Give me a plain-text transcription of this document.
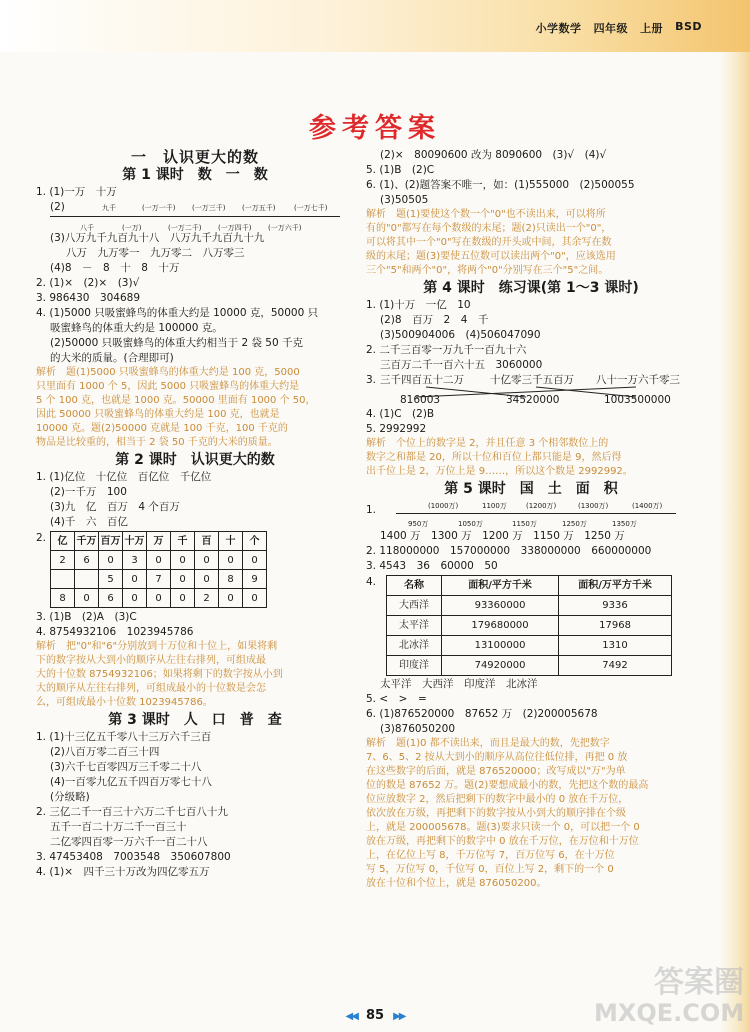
小学数学 四年级 上册 BSD
参考答案
一　认识更大的数
第 1 课时　数　一　数
1. (1)一万　十万
(2)	九千	(一万一千) (一万三千) (一万五千)	(一万七千)
八千	(一万)	(一万二千) (一万四千) (一万六千)
(3)八万九千九百九十八　八万九千九百九十九
八万　九万零一　九万零二　八万零三
(4)8　－　8　十　8　十万
2. (1)×　(2)×　(3)√
3. 986430　304689
4. (1)5000 只吸蜜蜂鸟的体重大约是 10000 克，50000 只
吸蜜蜂鸟的体重大约是 100000 克。
(2)50000 只吸蜜蜂鸟的体重大约相当于 2 袋 50 千克
的大米的质量。(合理即可)
解析　题(1)5000 只吸蜜蜂鸟的体重大约是 100 克，5000
只里面有 1000 个 5，因此 5000 只吸蜜蜂鸟的体重大约是
5 个 100 克，也就是 1000 克。50000 里面有 1000 个 50，
因此 50000 只吸蜜蜂鸟的体重大约是 100 克，也就是
10000 克。题(2)50000 克就是 100 千克，100 千克的
物品是比较重的，相当于 2 袋 50 千克的大米的质量。
第 2 课时　认识更大的数
1. (1)亿位　十亿位　百亿位　千亿位
(2)一千万　100
(3)九　亿　百万　4 个百万
(4)千　六　百亿
2. 亿	千万	百万	十万	万	千	百	十	个
2	6	0	3	0	0	0	0	0
		5	0	7	0	0	8	9
8	0	6	0	0	0	2	0	0
3. (1)B　(2)A　(3)C
4. 8754932106　1023945786
解析　把"0"和"6"分别放到十万位和十位上，如果将剩
下的数字按从大到小的顺序从左往右排列，可组成最
大的十位数 8754932106；如果将剩下的数字按从小到
大的顺序从左往右排列，可组成最小的十位数是会怎
么，可组成最小十位数 1023945786。
第 3 课时　人　口　普　查
1. (1)十三亿五千零八十三万六千三百
(2)八百万零二百三十四
(3)六千七百零四万三千零二十八
(4)一百零九亿五千四百万零七十八
(分级略)
2. 三亿二千一百三十六万二千七百八十九
五千一百二十万二千一百三十
二亿零四百零一万六千一百二十八
3. 47453408　7003548　350607800
4. (1)×　四千三十万改为四亿零五万
(2)×　80090600 改为 8090600　(3)√　(4)√
5. (1)B　(2)C
6. (1)、(2)题答案不唯一，如：(1)555000　(2)500055
(3)50505
解析　题(1)要使这个数一个"0"也不读出来，可以将所
有的"0"都写在每个数级的末尾；题(2)只读出一个"0"，
可以将其中一个"0"写在数级的开头或中间，其余写在数
级的末尾；题(3)要使五位数可以读出两个"0"，应该选用
三个"5"和两个"0"，将两个"0"分别写在三个"5"之间。
第 4 课时　练习课(第 1～3 课时)
1. (1)十万　一亿　10
(2)8　百万　2　4　千
(3)500904006　(4)506047090
2. 二千三百零一万九千一百九十六
三百万二千一百六十五　3060000
3. 三千四百五十二万 十亿零三千五百万 八十一万六千零三
816003	34520000	1003500000
4. (1)C　(2)B
5. 2992992
解析　个位上的数字是 2，并且任意 3 个相邻数位上的
数字之和都是 20，所以十位和百位上都只能是 9，然后得
出千位上是 2，万位上是 9……，所以这个数是 2992992。
第 5 课时　国　土　面　积
1.	(1000万)	1100万	(1200万)	(1300万)	(1400万)
950万	1050万	1150万	1250万	1350万
1400 万　1300 万　1200 万　1150 万　1250 万
2. 118000000　157000000　338000000　660000000
3. 4543　36　60000　50
4.	名称	面积/平方千米	面积/万平方千米
大西洋	93360000	9336
太平洋	179680000	17968
北冰洋	13100000	1310
印度洋	74920000	7492
太平洋　大西洋　印度洋　北冰洋
5. <　>　=
6. (1)876520000　87652 万　(2)200005678
(3)876050200
解析　题(1)0 都不读出来，而且是最大的数，先把数字
7、6、5、2 按从大到小的顺序从高位往低位排，再把 0 放
在这些数字的后面，就是 876520000；改写成以"万"为单
位的数是 87652 万。题(2)要想成最小的数，先把这个数的最高
位应放数字 2，然后把剩下的数字中最小的 0 放在千万位，
依次放在万级，再把剩下的数字按从小到大的顺序排在个级
上，就是 200005678。题(3)要求只读一个 0，可以把一个 0
放在万级，再把剩下的数字中 0 放在千万位，在万位和十万位
上，在亿位上写 8，千万位写 7，百万位写 6，在十万位
写 5，万位写 0，千位写 0，百位上写 2，剩下的一个 0
放在十位和个位上，就是 876050200。
◀◀ 85 ▶▶
答案圈
MXQE.COM
